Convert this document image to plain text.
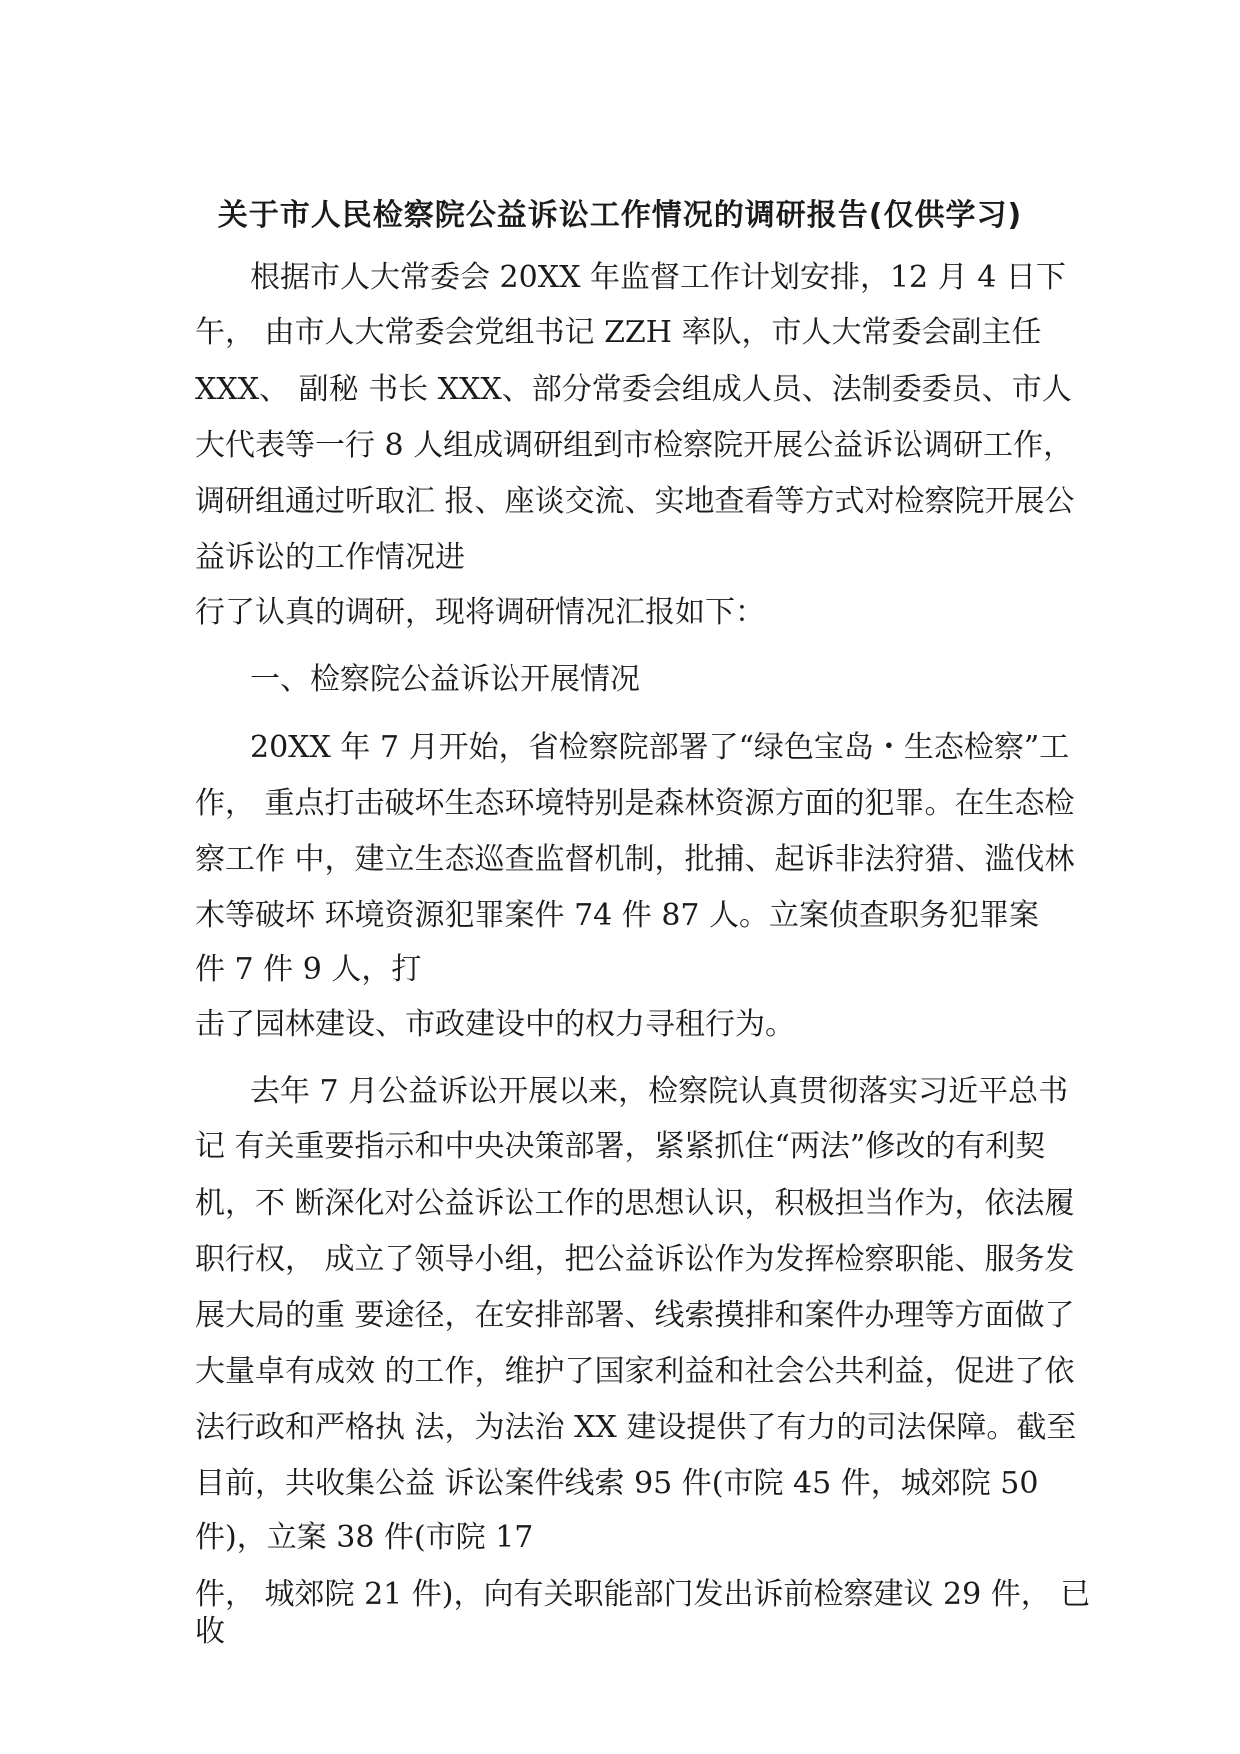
关于市人民检察院公益诉讼工作情况的调研报告(仅供学习)
根据市人大常委会 20XX 年监督工作计划安排，12 月 4 日下
午， 由市人大常委会党组书记 ZZH 率队，市人大常委会副主任
XXX、 副秘 书长 XXX、部分常委会组成人员、法制委委员、市人
大代表等一行 8 人组成调研组到市检察院开展公益诉讼调研工作，
调研组通过听取汇 报、座谈交流、实地查看等方式对检察院开展公
益诉讼的工作情况进
行了认真的调研，现将调研情况汇报如下：
一、检察院公益诉讼开展情况
20XX 年 7 月开始，省检察院部署了“绿色宝岛・生态检察”工
作， 重点打击破坏生态环境特别是森林资源方面的犯罪。在生态检
察工作 中，建立生态巡查监督机制，批捕、起诉非法狩猎、滥伐林
木等破坏 环境资源犯罪案件 74 件 87 人。立案侦查职务犯罪案
件 7 件 9 人，打
击了园林建设、市政建设中的权力寻租行为。
去年 7 月公益诉讼开展以来，检察院认真贯彻落实习近平总书
记 有关重要指示和中央决策部署，紧紧抓住“两法”修改的有利契
机，不 断深化对公益诉讼工作的思想认识，积极担当作为，依法履
职行权， 成立了领导小组，把公益诉讼作为发挥检察职能、服务发
展大局的重 要途径，在安排部署、线索摸排和案件办理等方面做了
大量卓有成效 的工作，维护了国家利益和社会公共利益，促进了依
法行政和严格执 法，为法治 XX 建设提供了有力的司法保障。截至
目前，共收集公益 诉讼案件线索 95 件(市院 45 件，城郊院 50
件)，立案 38 件(市院 17
件， 城郊院 21 件)，向有关职能部门发出诉前检察建议 29 件， 已
收
